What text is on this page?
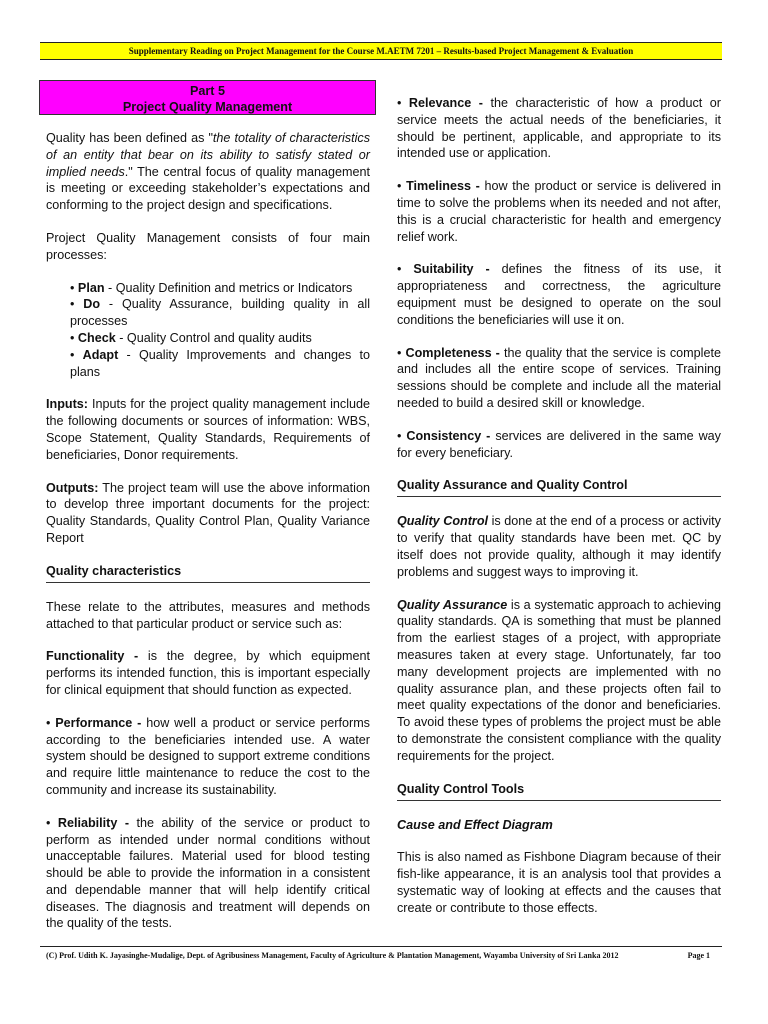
Supplementary Reading on Project Management for the Course M.AETM 7201 – Results-based Project Management & Evaluation
Part 5
Project Quality Management

Quality has been defined as "the totality of characteristics of an entity that bear on its ability to satisfy stated or implied needs." The central focus of quality management is meeting or exceeding stakeholder’s expectations and conforming to the project design and specifications.

Project Quality Management consists of four main processes:

• Plan - Quality Definition and metrics or Indicators
• Do - Quality Assurance, building quality in all processes
• Check - Quality Control and quality audits
• Adapt - Quality Improvements and changes to plans

Inputs: Inputs for the project quality management include the following documents or sources of information: WBS, Scope Statement, Quality Standards, Requirements of beneficiaries, Donor requirements.

Outputs: The project team will use the above information to develop three important documents for the project: Quality Standards, Quality Control Plan, Quality Variance Report

Quality characteristics

These relate to the attributes, measures and methods attached to that particular product or service such as:

Functionality - is the degree, by which equipment performs its intended function, this is important especially for clinical equipment that should function as expected.

• Performance - how well a product or service performs according to the beneficiaries intended use. A water system should be designed to support extreme conditions and require little maintenance to reduce the cost to the community and increase its sustainability.

• Reliability - the ability of the service or product to perform as intended under normal conditions without unacceptable failures. Material used for blood testing should be able to provide the information in a consistent and dependable manner that will help identify critical diseases. The diagnosis and treatment will depends on the quality of the tests.

• Relevance - the characteristic of how a product or service meets the actual needs of the beneficiaries, it should be pertinent, applicable, and appropriate to its intended use or application.

• Timeliness - how the product or service is delivered in time to solve the problems when its needed and not after, this is a crucial characteristic for health and emergency relief work.

• Suitability - defines the fitness of its use, it appropriateness and correctness, the agriculture equipment must be designed to operate on the soul conditions the beneficiaries will use it on.

• Completeness - the quality that the service is complete and includes all the entire scope of services. Training sessions should be complete and include all the material needed to build a desired skill or knowledge.

• Consistency - services are delivered in the same way for every beneficiary.

Quality Assurance and Quality Control

Quality Control is done at the end of a process or activity to verify that quality standards have been met. QC by itself does not provide quality, although it may identify problems and suggest ways to improving it.

Quality Assurance is a systematic approach to achieving quality standards. QA is something that must be planned from the earliest stages of a project, with appropriate measures taken at every stage. Unfortunately, far too many development projects are implemented with no quality assurance plan, and these projects often fail to meet quality expectations of the donor and beneficiaries. To avoid these types of problems the project must be able to demonstrate the consistent compliance with the quality requirements for the project.

Quality Control Tools
Cause and Effect Diagram

This is also named as Fishbone Diagram because of their fish-like appearance, it is an analysis tool that provides a systematic way of looking at effects and the causes that create or contribute to those effects.

(C) Prof. Udith K. Jayasinghe-Mudalige, Dept. of Agribusiness Management, Faculty of Agriculture & Plantation Management, Wayamba University of Sri Lanka 2012	Page 1
